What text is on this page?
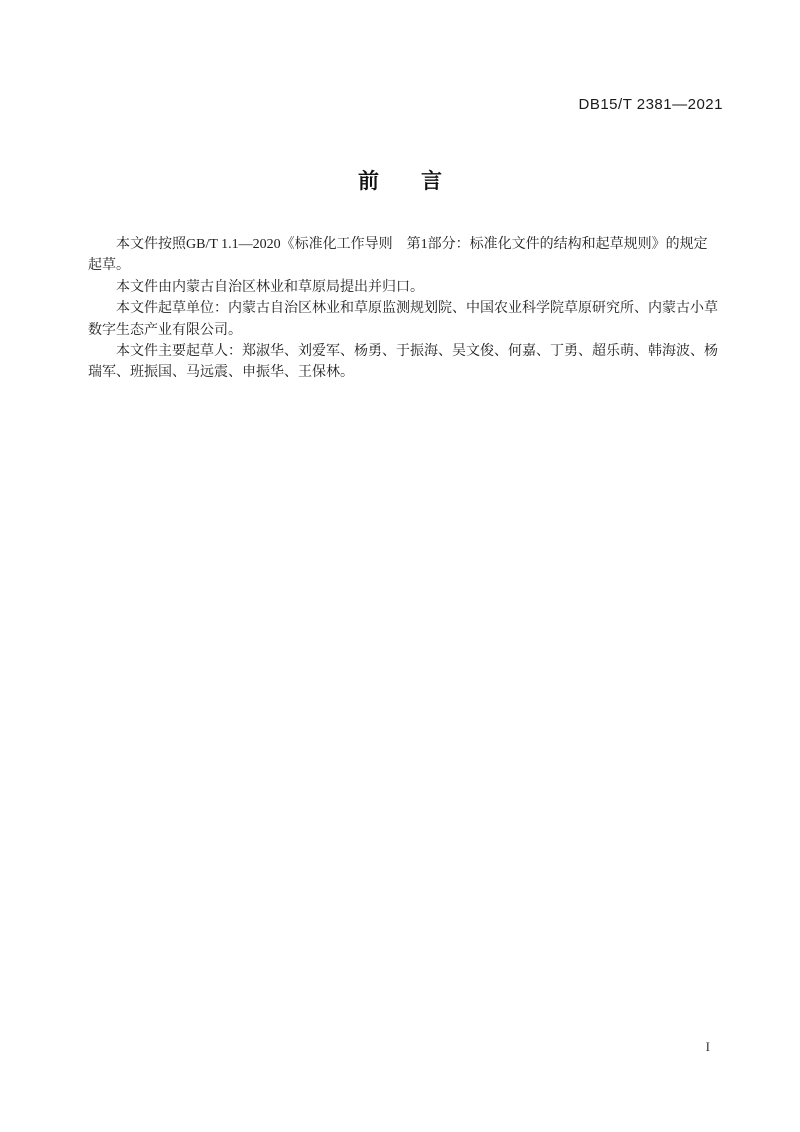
DB15/T 2381—2021
前　　言
本文件按照GB/T 1.1—2020《标准化工作导则　第1部分：标准化文件的结构和起草规则》的规定
起草。
本文件由内蒙古自治区林业和草原局提出并归口。
本文件起草单位：内蒙古自治区林业和草原监测规划院、中国农业科学院草原研究所、内蒙古小草
数字生态产业有限公司。
本文件主要起草人：郑淑华、刘爱军、杨勇、于振海、吴文俊、何嘉、丁勇、超乐萌、韩海波、杨
瑞军、班振国、马远震、申振华、王保林。
I
